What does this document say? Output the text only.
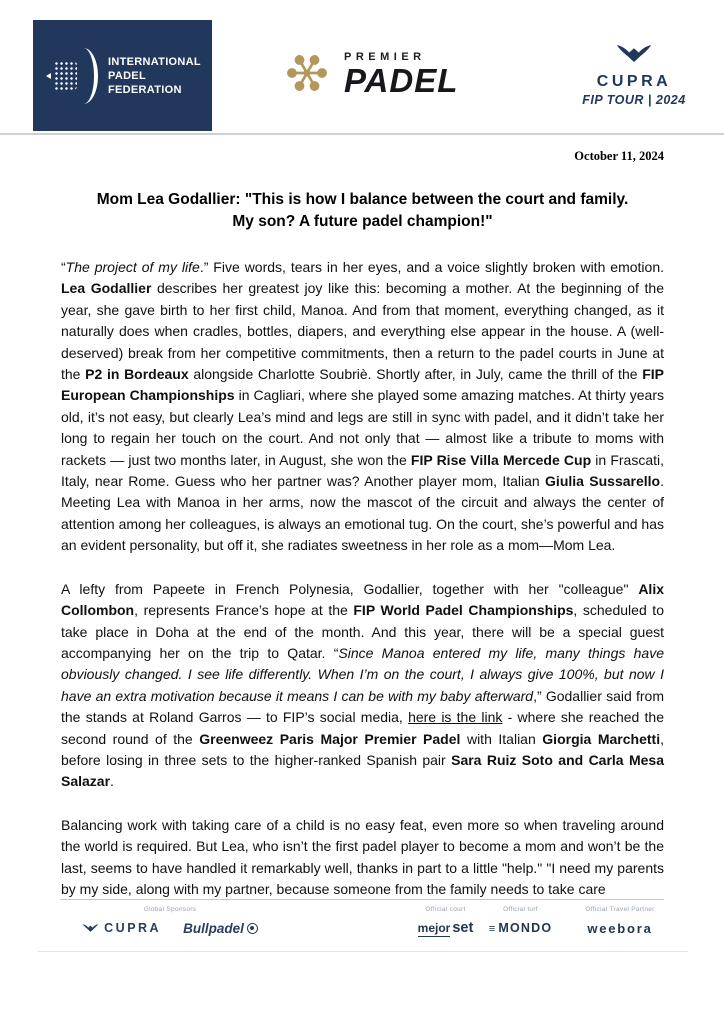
INTERNATIONAL
PADEL
FEDERATION
PREMIER
PADEL	CUPRA
FIP TOUR | 2024
October 11, 2024
Mom Lea Godallier: "This is how I balance between the court and family.
My son? A future padel champion!"

“The project of my life.” Five words, tears in her eyes, and a voice slightly broken with emotion. Lea Godallier describes her greatest joy like this: becoming a mother. At the beginning of the year, she gave birth to her first child, Manoa. And from that moment, everything changed, as it naturally does when cradles, bottles, diapers, and everything else appear in the house. A (well-deserved) break from her competitive commitments, then a return to the padel courts in June at the P2 in Bordeaux alongside Charlotte Soubriè. Shortly after, in July, came the thrill of the FIP European Championships in Cagliari, where she played some amazing matches. At thirty years old, it’s not easy, but clearly Lea’s mind and legs are still in sync with padel, and it didn’t take her long to regain her touch on the court. And not only that — almost like a tribute to moms with rackets — just two months later, in August, she won the FIP Rise Villa Mercede Cup in Frascati, Italy, near Rome. Guess who her partner was? Another player mom, Italian Giulia Sussarello. Meeting Lea with Manoa in her arms, now the mascot of the circuit and always the center of attention among her colleagues, is always an emotional tug. On the court, she’s powerful and has an evident personality, but off it, she radiates sweetness in her role as a mom—Mom Lea.

A lefty from Papeete in French Polynesia, Godallier, together with her "colleague" Alix Collombon, represents France’s hope at the FIP World Padel Championships, scheduled to take place in Doha at the end of the month. And this year, there will be a special guest accompanying her on the trip to Qatar. “Since Manoa entered my life, many things have obviously changed. I see life differently. When I’m on the court, I always give 100%, but now I have an extra motivation because it means I can be with my baby afterward,” Godallier said from the stands at Roland Garros — to FIP’s social media, here is the link - where she reached the second round of the Greenweez Paris Major Premier Padel with Italian Giorgia Marchetti, before losing in three sets to the higher-ranked Spanish pair Sara Ruiz Soto and Carla Mesa Salazar.

Balancing work with taking care of a child is no easy feat, even more so when traveling around the world is required. But Lea, who isn’t the first padel player to become a mom and won’t be the last, seems to have handled it remarkably well, thanks in part to a little "help." "I need my parents by my side, along with my partner, because someone from the family needs to take care

Global Sponsors
CUPRA Bullpadel
Official court
mejor set
Official turf
≡ MONDO
Official Travel Partner
weebora
